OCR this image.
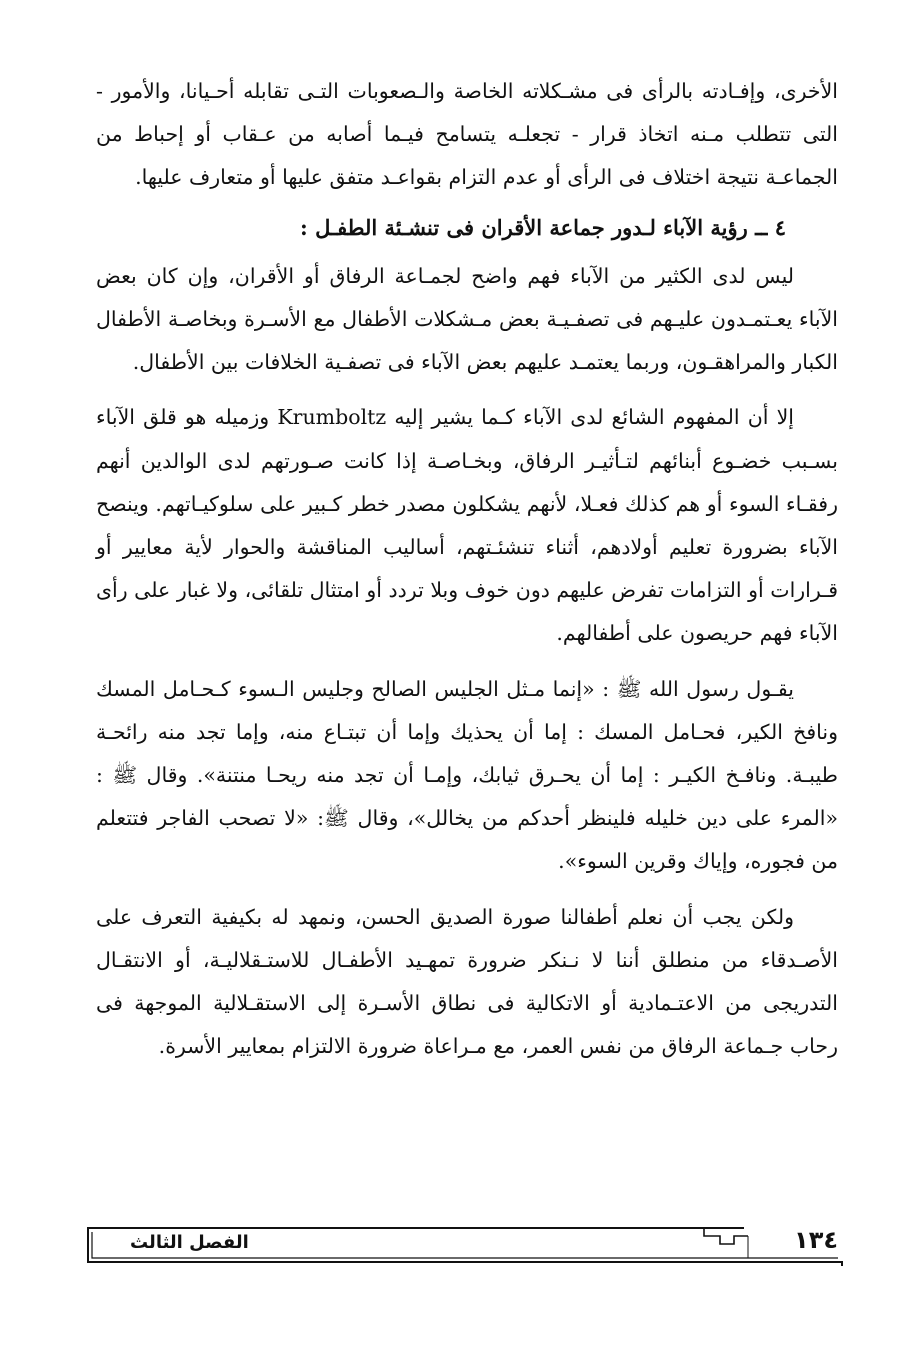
الأخرى، وإفـادته بالرأى فى مشـكلاته الخاصة والـصعوبات التـى تقابله أحـيانا، والأمور - التى تتطلب مـنه اتخاذ قرار - تجعلـه يتسامح فيـما أصابه من عـقاب أو إحباط من الجماعـة نتيجة اختلاف فى الرأى أو عدم التزام بقواعـد متفق عليها أو متعارف عليها.

٤ ــ رؤية الآباء لـدور جماعة الأقران فى تنشـئة الطفـل :

ليس لدى الكثير من الآباء فهم واضح لجمـاعة الرفاق أو الأقران، وإن كان بعض الآباء يعـتمـدون عليـهم فى تصفـيـة بعض مـشكلات الأطفال مع الأسـرة وبخاصـة الأطفال الكبار والمراهقـون، وربما يعتمـد عليهم بعض الآباء فى تصفـية الخلافات بين الأطفال.

إلا أن المفهوم الشائع لدى الآباء كـما يشير إليه Krumboltz وزميله هو قلق الآباء بسـبب خضـوع أبنائهم لتـأثيـر الرفاق، وبخـاصـة إذا كانت صـورتهم لدى الوالدين أنهم رفقـاء السوء أو هم كذلك فعـلا، لأنهم يشكلون مصدر خطر كـبير على سلوكيـاتهم. وينصح الآباء بضرورة تعليم أولادهم، أثناء تنشئـتهم، أساليب المناقشة والحوار لأية معايير أو قـرارات أو التزامات تفرض عليهم دون خوف وبلا تردد أو امتثال تلقائى، ولا غبار على رأى الآباء فهم حريصون على أطفالهم.

يقـول رسول الله ﷺ : «إنما مـثل الجليس الصالح وجليس الـسوء كـحـامل المسك ونافخ الكير، فحـامل المسك : إما أن يحذيك وإما أن تبتـاع منه، وإما تجد منه رائحـة طيبـة. ونافـخ الكيـر : إما أن يحـرق ثيابك، وإمـا أن تجد منه ريحـا منتنة». وقال ﷺ : «المرء على دين خليله فلينظر أحدكم من يخالل»، وقال ﷺ: «لا تصحب الفاجر فتتعلم من فجوره، وإياك وقرين السوء».

ولكن يجب أن نعلم أطفالنا صورة الصديق الحسن، ونمهد له بكيفية التعرف على الأصـدقاء من منطلق أننا لا نـنكر ضرورة تمهـيد الأطفـال للاستـقلاليـة، أو الانتقـال التدريجى من الاعتـمادية أو الاتكالية فى نطاق الأسـرة إلى الاستقـلالية الموجهة فى رحاب جـماعة الرفاق من نفس العمر، مع مـراعاة ضرورة الالتزام بمعايير الأسرة.

١٣٤
الفصل الثالث
